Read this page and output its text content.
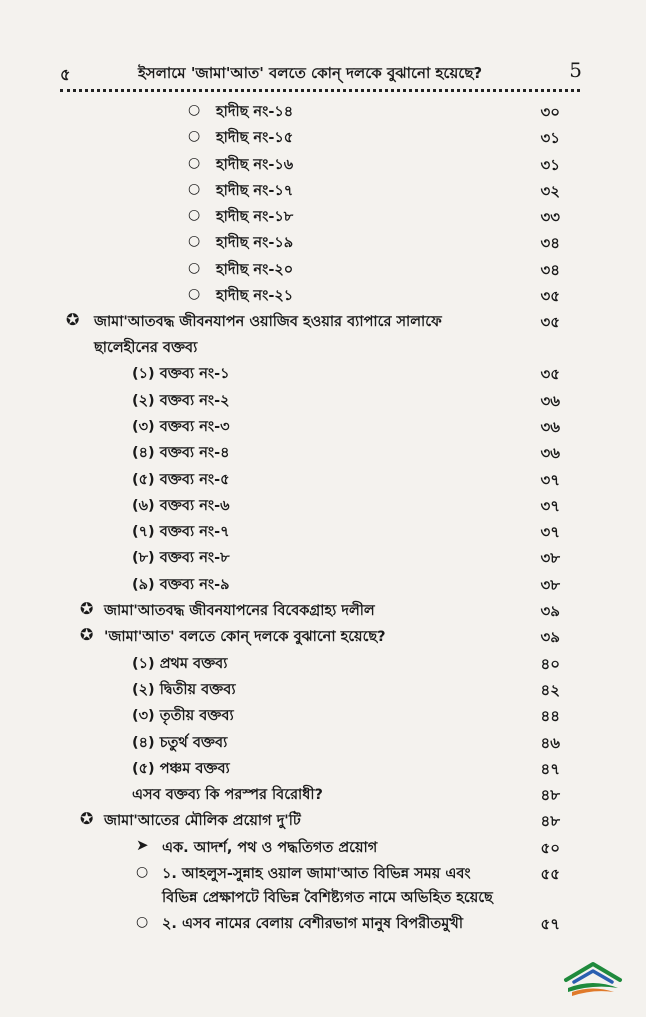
৫	ইসলামে 'জামা'আত' বলতে কোন্ দলকে বুঝানো হয়েছে?	5
○ হাদীছ নং-১৪	৩০
○ হাদীছ নং-১৫	৩১
○ হাদীছ নং-১৬	৩১
○ হাদীছ নং-১৭	৩২
○ হাদীছ নং-১৮	৩৩
○ হাদীছ নং-১৯	৩৪
○ হাদীছ নং-২০	৩৪
○ হাদীছ নং-২১	৩৫
✪ জামা'আতবদ্ধ জীবনযাপন ওয়াজিব হওয়ার ব্যাপারে সালাফে	৩৫
ছালেহীনের বক্তব্য
(১) বক্তব্য নং-১	৩৫
(২) বক্তব্য নং-২	৩৬
(৩) বক্তব্য নং-৩	৩৬
(৪) বক্তব্য নং-৪	৩৬
(৫) বক্তব্য নং-৫	৩৭
(৬) বক্তব্য নং-৬	৩৭
(৭) বক্তব্য নং-৭	৩৭
(৮) বক্তব্য নং-৮	৩৮
(৯) বক্তব্য নং-৯	৩৮
✪ জামা'আতবদ্ধ জীবনযাপনের বিবেকগ্রাহ্য দলীল	৩৯
✪ 'জামা'আত' বলতে কোন্ দলকে বুঝানো হয়েছে?	৩৯
(১) প্রথম বক্তব্য	৪০
(২) দ্বিতীয় বক্তব্য	৪২
(৩) তৃতীয় বক্তব্য	৪৪
(৪) চতুর্থ বক্তব্য	৪৬
(৫) পঞ্চম বক্তব্য	৪৭
এসব বক্তব্য কি পরস্পর বিরোধী?	৪৮
✪ জামা'আতের মৌলিক প্রয়োগ দু'টি	৪৮
➤ এক. আদর্শ, পথ ও পদ্ধতিগত প্রয়োগ	৫০
○ ১. আহলুস-সুন্নাহ ওয়াল জামা'আত বিভিন্ন সময় এবং	৫৫
বিভিন্ন প্রেক্ষাপটে বিভিন্ন বৈশিষ্ট্যগত নামে অভিহিত হয়েছে
○ ২. এসব নামের বেলায় বেশীরভাগ মানুষ বিপরীতমুখী	৫৭
